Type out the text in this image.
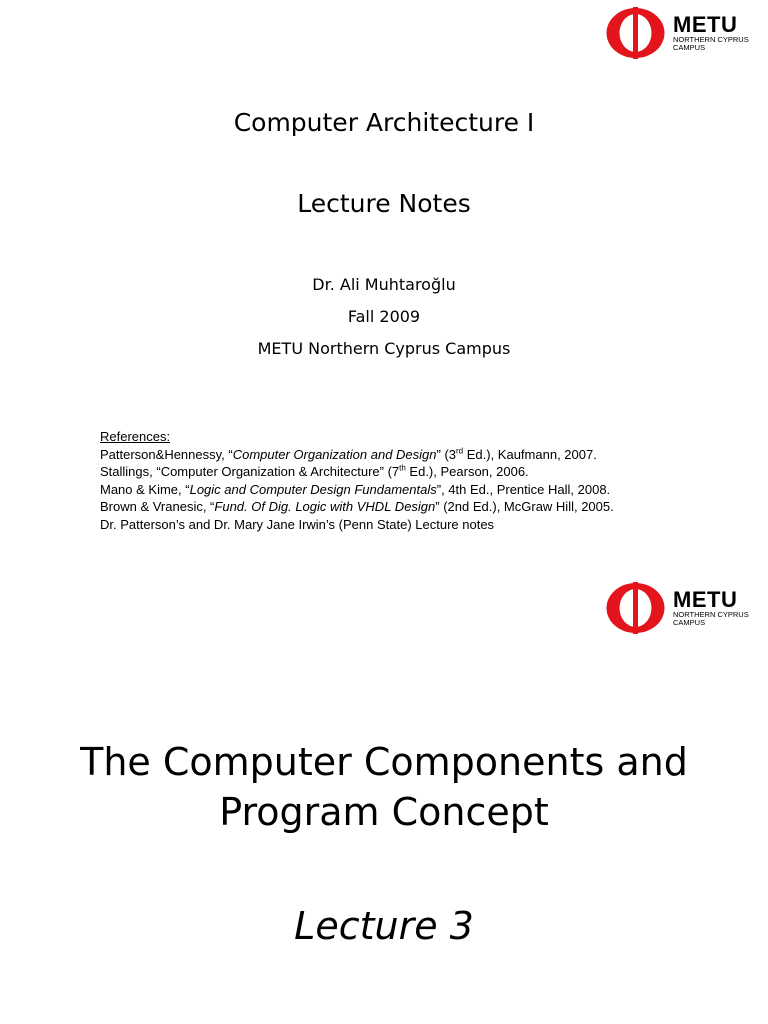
METU
NORTHERN CYPRUS
CAMPUS
Computer Architecture I
Lecture Notes
Dr. Ali Muhtaroğlu
Fall 2009
METU Northern Cyprus Campus
References:
Patterson&Hennessy, “Computer Organization and Design” (3rd Ed.), Kaufmann, 2007.
Stallings, “Computer Organization & Architecture” (7th Ed.), Pearson, 2006.
Mano & Kime, “Logic and Computer Design Fundamentals”, 4th Ed., Prentice Hall, 2008.
Brown & Vranesic, “Fund. Of Dig. Logic with VHDL Design” (2nd Ed.), McGraw Hill, 2005.
Dr. Patterson’s and Dr. Mary Jane Irwin’s (Penn State) Lecture notes
METU
NORTHERN CYPRUS
CAMPUS
The Computer Components and
Program Concept
Lecture 3
